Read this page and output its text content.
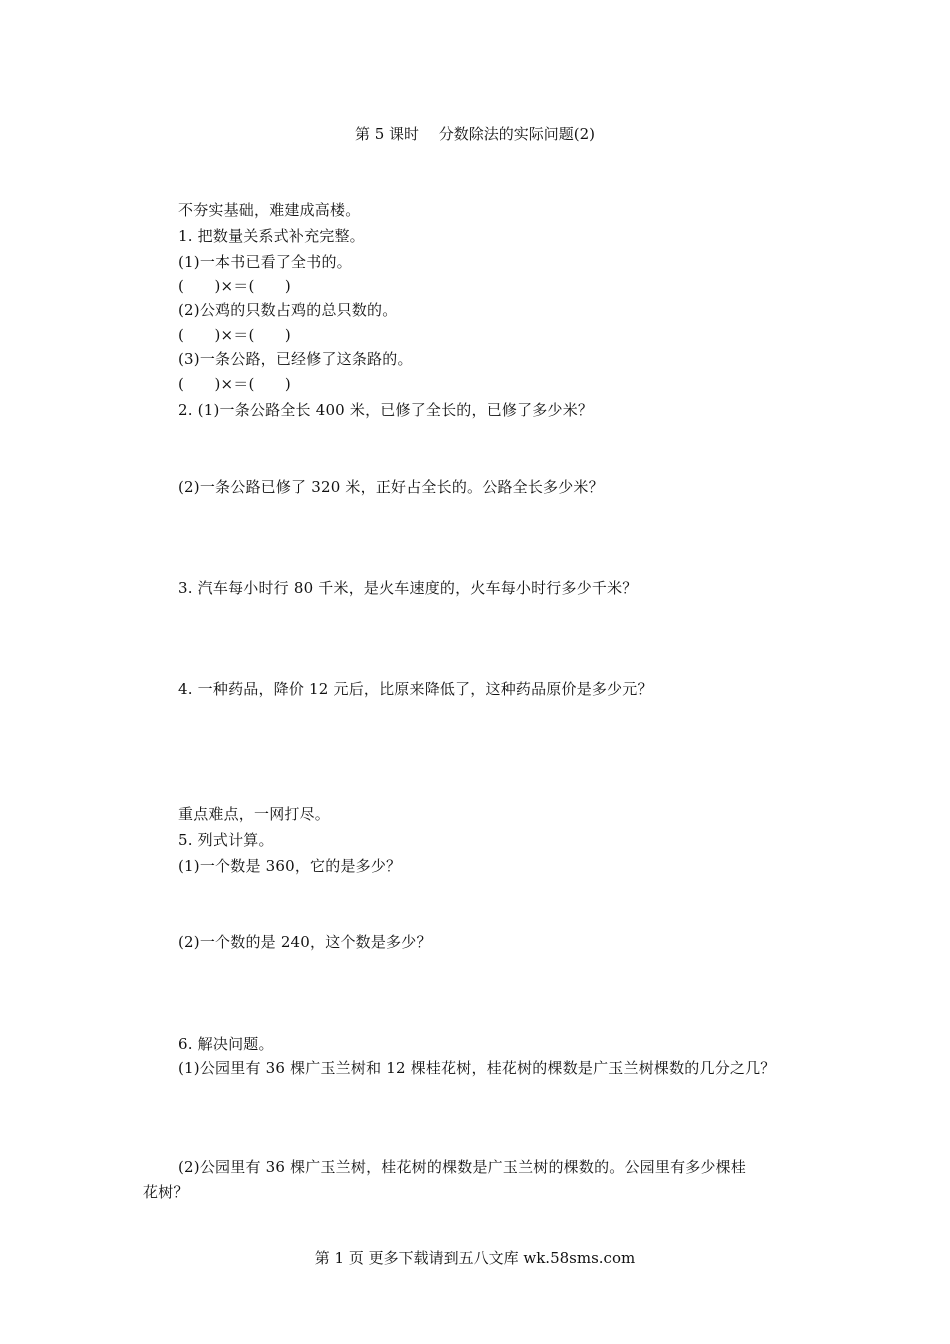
第 5 课时　 分数除法的实际问题(2)
不夯实基础，难建成高楼。
1. 把数量关系式补充完整。
(1)一本书已看了全书的。
(　　)×＝(　　)
(2)公鸡的只数占鸡的总只数的。
(　　)×＝(　　)
(3)一条公路，已经修了这条路的。
(　　)×＝(　　)
2. (1)一条公路全长 400 米，已修了全长的，已修了多少米？
(2)一条公路已修了 320 米，正好占全长的。公路全长多少米？
3. 汽车每小时行 80 千米，是火车速度的，火车每小时行多少千米？
4. 一种药品，降价 12 元后，比原来降低了，这种药品原价是多少元？
重点难点，一网打尽。
5. 列式计算。
(1)一个数是 360，它的是多少？
(2)一个数的是 240，这个数是多少？
6. 解决问题。
(1)公园里有 36 棵广玉兰树和 12 棵桂花树，桂花树的棵数是广玉兰树棵数的几分之几？
(2)公园里有 36 棵广玉兰树，桂花树的棵数是广玉兰树的棵数的。公园里有多少棵桂
花树？
第 1 页 更多下载请到五八文库 wk.58sms.com
